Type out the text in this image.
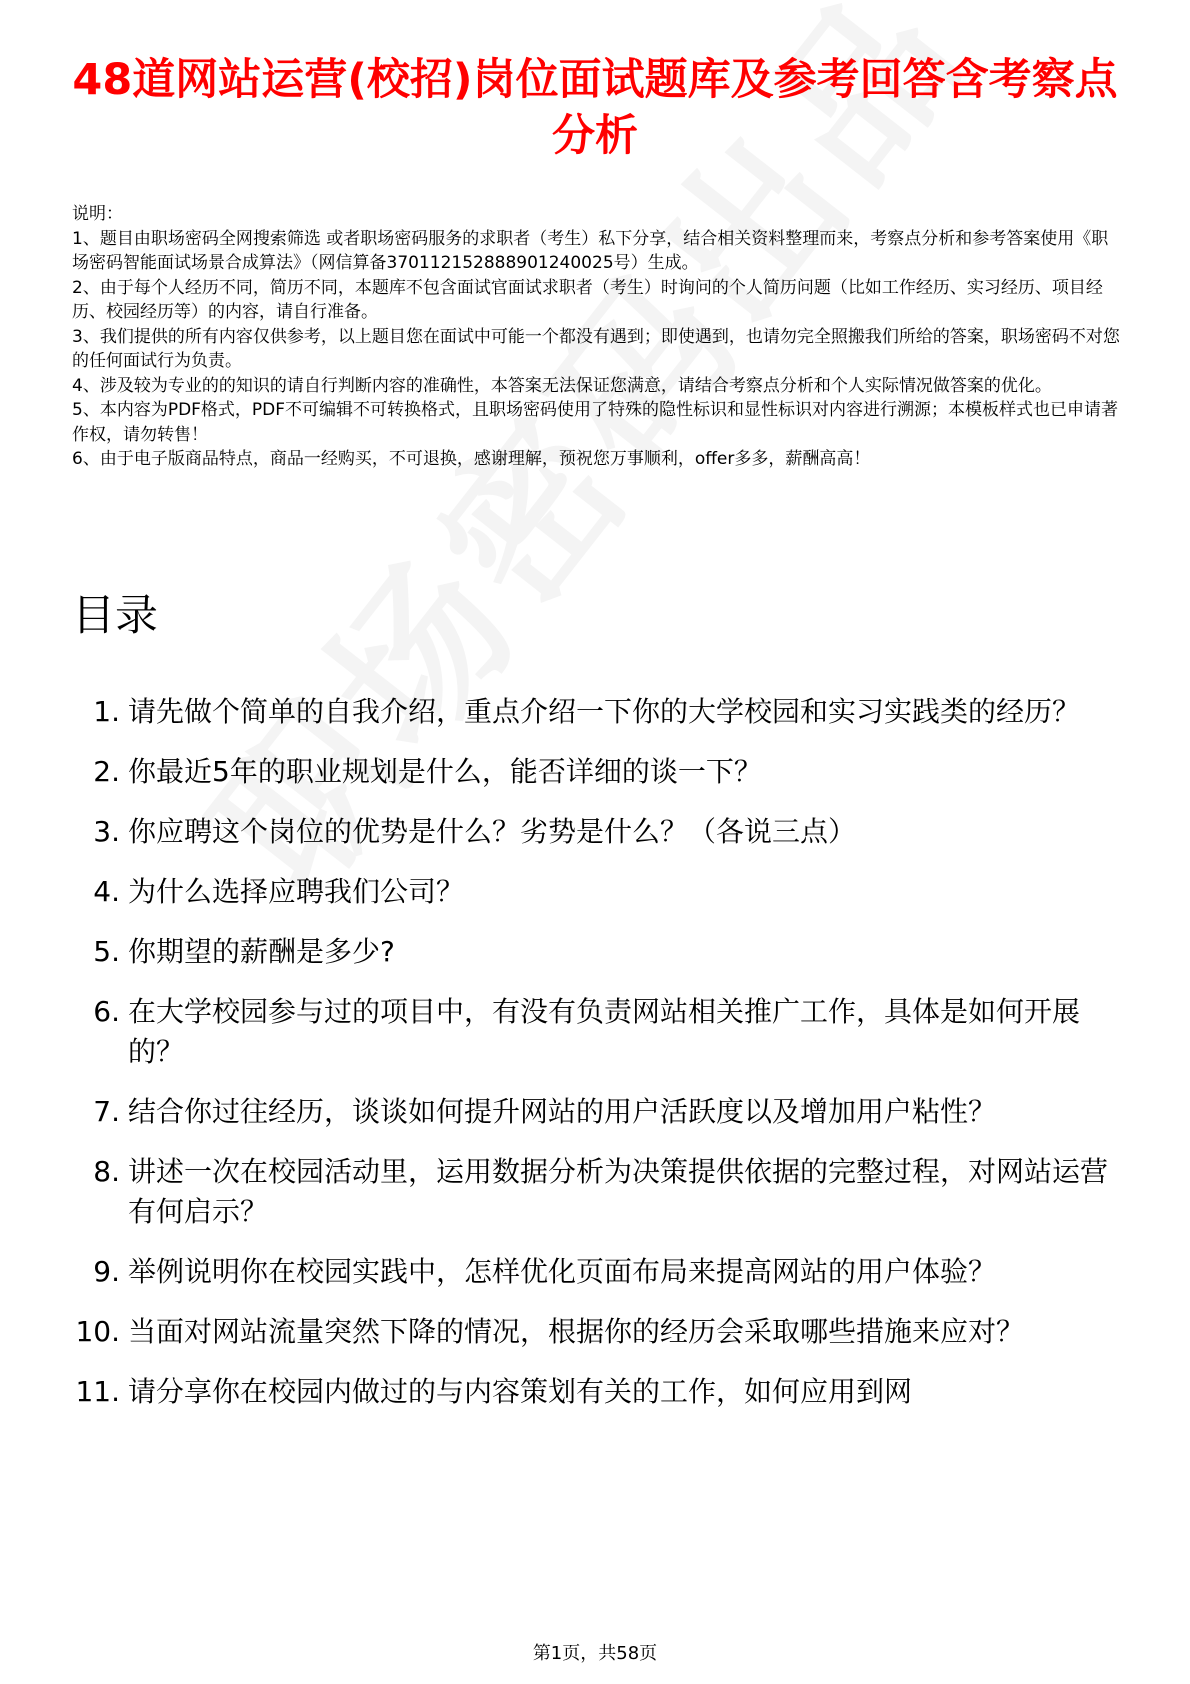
48道网站运营(校招)岗位面试题库及参考回答含考察点分析
说明：
1、题目由职场密码全网搜索筛选 或者职场密码服务的求职者（考生）私下分享，结合相关资料整理而来，考察点分析和参考答案使用《职场密码智能面试场景合成算法》（网信算备370112152888901240025号）生成。
2、由于每个人经历不同，简历不同，本题库不包含面试官面试求职者（考生）时询问的个人简历问题（比如工作经历、实习经历、项目经历、校园经历等）的内容，请自行准备。
3、我们提供的所有内容仅供参考，以上题目您在面试中可能一个都没有遇到；即使遇到，也请勿完全照搬我们所给的答案，职场密码不对您的任何面试行为负责。
4、涉及较为专业的的知识的请自行判断内容的准确性，本答案无法保证您满意，请结合考察点分析和个人实际情况做答案的优化。
5、本内容为PDF格式，PDF不可编辑不可转换格式，且职场密码使用了特殊的隐性标识和显性标识对内容进行溯源；本模板样式也已申请著作权，请勿转售！
6、由于电子版商品特点，商品一经购买，不可退换，感谢理解，预祝您万事顺利，offer多多，薪酬高高！
目录
1. 请先做个简单的自我介绍，重点介绍一下你的大学校园和实习实践类的经历？
2. 你最近5年的职业规划是什么，能否详细的谈一下？
3. 你应聘这个岗位的优势是什么？劣势是什么？（各说三点）
4. 为什么选择应聘我们公司？
5. 你期望的薪酬是多少?
6. 在大学校园参与过的项目中，有没有负责网站相关推广工作，具体是如何开展的？
7. 结合你过往经历，谈谈如何提升网站的用户活跃度以及增加用户粘性？
8. 讲述一次在校园活动里，运用数据分析为决策提供依据的完整过程，对网站运营有何启示？
9. 举例说明你在校园实践中，怎样优化页面布局来提高网站的用户体验？
10. 当面对网站流量突然下降的情况，根据你的经历会采取哪些措施来应对？
11. 请分享你在校园内做过的与内容策划有关的工作，如何应用到网
第1页，共58页
